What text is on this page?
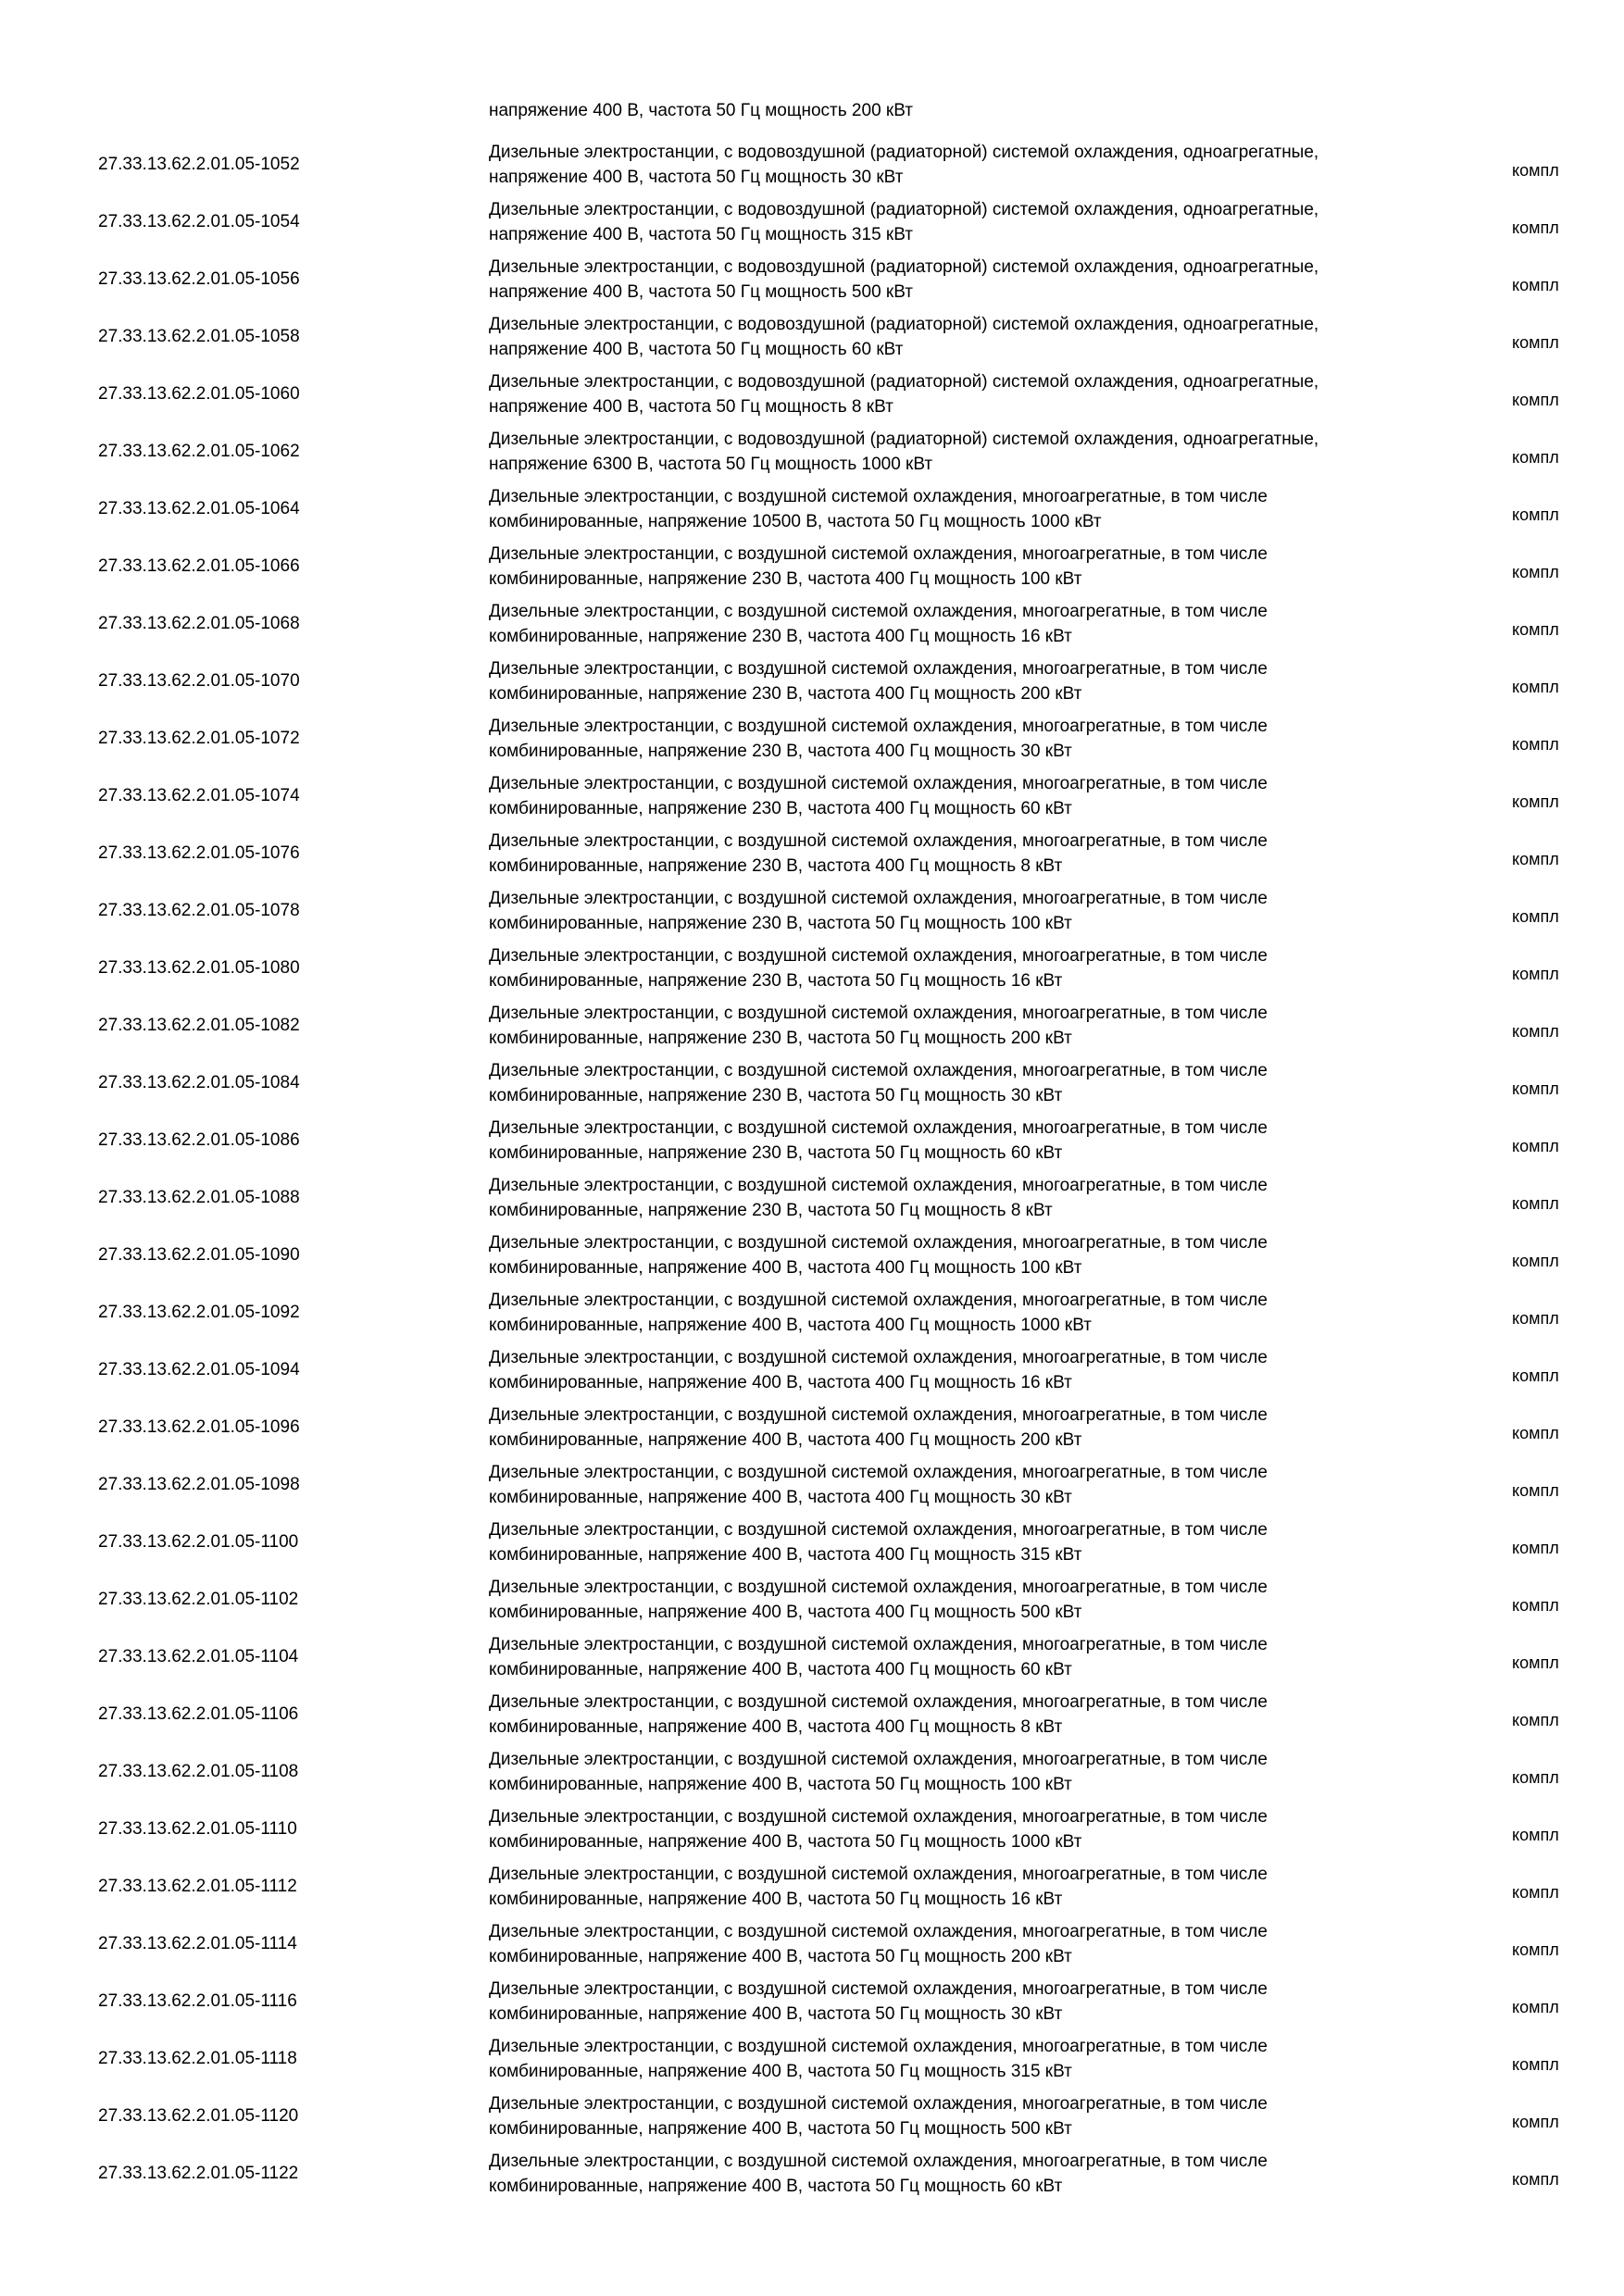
напряжение 400 В, частота 50 Гц мощность 200 кВт
27.33.13.62.2.01.05-1052
Дизельные электростанции, с водовоздушной (радиаторной) системой охлаждения, одноагрегатные,
напряжение 400 В, частота 50 Гц мощность 30 кВт	компл
27.33.13.62.2.01.05-1054
Дизельные электростанции, с водовоздушной (радиаторной) системой охлаждения, одноагрегатные,
напряжение 400 В, частота 50 Гц мощность 315 кВт	компл
27.33.13.62.2.01.05-1056
Дизельные электростанции, с водовоздушной (радиаторной) системой охлаждения, одноагрегатные,
напряжение 400 В, частота 50 Гц мощность 500 кВт	компл
27.33.13.62.2.01.05-1058
Дизельные электростанции, с водовоздушной (радиаторной) системой охлаждения, одноагрегатные,
напряжение 400 В, частота 50 Гц мощность 60 кВт	компл
27.33.13.62.2.01.05-1060
Дизельные электростанции, с водовоздушной (радиаторной) системой охлаждения, одноагрегатные,
напряжение 400 В, частота 50 Гц мощность 8 кВт	компл
27.33.13.62.2.01.05-1062
Дизельные электростанции, с водовоздушной (радиаторной) системой охлаждения, одноагрегатные,
напряжение 6300 В, частота 50 Гц мощность 1000 кВт	компл
27.33.13.62.2.01.05-1064
Дизельные электростанции, с воздушной системой охлаждения, многоагрегатные, в том числе
комбинированные, напряжение 10500 В, частота 50 Гц мощность 1000 кВт	компл
27.33.13.62.2.01.05-1066
Дизельные электростанции, с воздушной системой охлаждения, многоагрегатные, в том числе
комбинированные, напряжение 230 В, частота 400 Гц мощность 100 кВт	компл
27.33.13.62.2.01.05-1068
Дизельные электростанции, с воздушной системой охлаждения, многоагрегатные, в том числе
комбинированные, напряжение 230 В, частота 400 Гц мощность 16 кВт	компл
27.33.13.62.2.01.05-1070
Дизельные электростанции, с воздушной системой охлаждения, многоагрегатные, в том числе
комбинированные, напряжение 230 В, частота 400 Гц мощность 200 кВт	компл
27.33.13.62.2.01.05-1072
Дизельные электростанции, с воздушной системой охлаждения, многоагрегатные, в том числе
комбинированные, напряжение 230 В, частота 400 Гц мощность 30 кВт	компл
27.33.13.62.2.01.05-1074
Дизельные электростанции, с воздушной системой охлаждения, многоагрегатные, в том числе
комбинированные, напряжение 230 В, частота 400 Гц мощность 60 кВт	компл
27.33.13.62.2.01.05-1076
Дизельные электростанции, с воздушной системой охлаждения, многоагрегатные, в том числе
комбинированные, напряжение 230 В, частота 400 Гц мощность 8 кВт	компл
27.33.13.62.2.01.05-1078
Дизельные электростанции, с воздушной системой охлаждения, многоагрегатные, в том числе
комбинированные, напряжение 230 В, частота 50 Гц мощность 100 кВт	компл
27.33.13.62.2.01.05-1080
Дизельные электростанции, с воздушной системой охлаждения, многоагрегатные, в том числе
комбинированные, напряжение 230 В, частота 50 Гц мощность 16 кВт	компл
27.33.13.62.2.01.05-1082
Дизельные электростанции, с воздушной системой охлаждения, многоагрегатные, в том числе
комбинированные, напряжение 230 В, частота 50 Гц мощность 200 кВт	компл
27.33.13.62.2.01.05-1084
Дизельные электростанции, с воздушной системой охлаждения, многоагрегатные, в том числе
комбинированные, напряжение 230 В, частота 50 Гц мощность 30 кВт	компл
27.33.13.62.2.01.05-1086
Дизельные электростанции, с воздушной системой охлаждения, многоагрегатные, в том числе
комбинированные, напряжение 230 В, частота 50 Гц мощность 60 кВт	компл
27.33.13.62.2.01.05-1088
Дизельные электростанции, с воздушной системой охлаждения, многоагрегатные, в том числе
комбинированные, напряжение 230 В, частота 50 Гц мощность 8 кВт	компл
27.33.13.62.2.01.05-1090
Дизельные электростанции, с воздушной системой охлаждения, многоагрегатные, в том числе
комбинированные, напряжение 400 В, частота 400 Гц мощность 100 кВт	компл
27.33.13.62.2.01.05-1092
Дизельные электростанции, с воздушной системой охлаждения, многоагрегатные, в том числе
комбинированные, напряжение 400 В, частота 400 Гц мощность 1000 кВт	компл
27.33.13.62.2.01.05-1094
Дизельные электростанции, с воздушной системой охлаждения, многоагрегатные, в том числе
комбинированные, напряжение 400 В, частота 400 Гц мощность 16 кВт	компл
27.33.13.62.2.01.05-1096
Дизельные электростанции, с воздушной системой охлаждения, многоагрегатные, в том числе
комбинированные, напряжение 400 В, частота 400 Гц мощность 200 кВт	компл
27.33.13.62.2.01.05-1098
Дизельные электростанции, с воздушной системой охлаждения, многоагрегатные, в том числе
комбинированные, напряжение 400 В, частота 400 Гц мощность 30 кВт	компл
27.33.13.62.2.01.05-1100
Дизельные электростанции, с воздушной системой охлаждения, многоагрегатные, в том числе
комбинированные, напряжение 400 В, частота 400 Гц мощность 315 кВт	компл
27.33.13.62.2.01.05-1102
Дизельные электростанции, с воздушной системой охлаждения, многоагрегатные, в том числе
комбинированные, напряжение 400 В, частота 400 Гц мощность 500 кВт	компл
27.33.13.62.2.01.05-1104
Дизельные электростанции, с воздушной системой охлаждения, многоагрегатные, в том числе
комбинированные, напряжение 400 В, частота 400 Гц мощность 60 кВт	компл
27.33.13.62.2.01.05-1106
Дизельные электростанции, с воздушной системой охлаждения, многоагрегатные, в том числе
комбинированные, напряжение 400 В, частота 400 Гц мощность 8 кВт	компл
27.33.13.62.2.01.05-1108
Дизельные электростанции, с воздушной системой охлаждения, многоагрегатные, в том числе
комбинированные, напряжение 400 В, частота 50 Гц мощность 100 кВт	компл
27.33.13.62.2.01.05-1110
Дизельные электростанции, с воздушной системой охлаждения, многоагрегатные, в том числе
комбинированные, напряжение 400 В, частота 50 Гц мощность 1000 кВт	компл
27.33.13.62.2.01.05-1112
Дизельные электростанции, с воздушной системой охлаждения, многоагрегатные, в том числе
комбинированные, напряжение 400 В, частота 50 Гц мощность 16 кВт	компл
27.33.13.62.2.01.05-1114
Дизельные электростанции, с воздушной системой охлаждения, многоагрегатные, в том числе
комбинированные, напряжение 400 В, частота 50 Гц мощность 200 кВт	компл
27.33.13.62.2.01.05-1116
Дизельные электростанции, с воздушной системой охлаждения, многоагрегатные, в том числе
комбинированные, напряжение 400 В, частота 50 Гц мощность 30 кВт	компл
27.33.13.62.2.01.05-1118
Дизельные электростанции, с воздушной системой охлаждения, многоагрегатные, в том числе
комбинированные, напряжение 400 В, частота 50 Гц мощность 315 кВт	компл
27.33.13.62.2.01.05-1120
Дизельные электростанции, с воздушной системой охлаждения, многоагрегатные, в том числе
комбинированные, напряжение 400 В, частота 50 Гц мощность 500 кВт	компл
27.33.13.62.2.01.05-1122
Дизельные электростанции, с воздушной системой охлаждения, многоагрегатные, в том числе
комбинированные, напряжение 400 В, частота 50 Гц мощность 60 кВт	компл
